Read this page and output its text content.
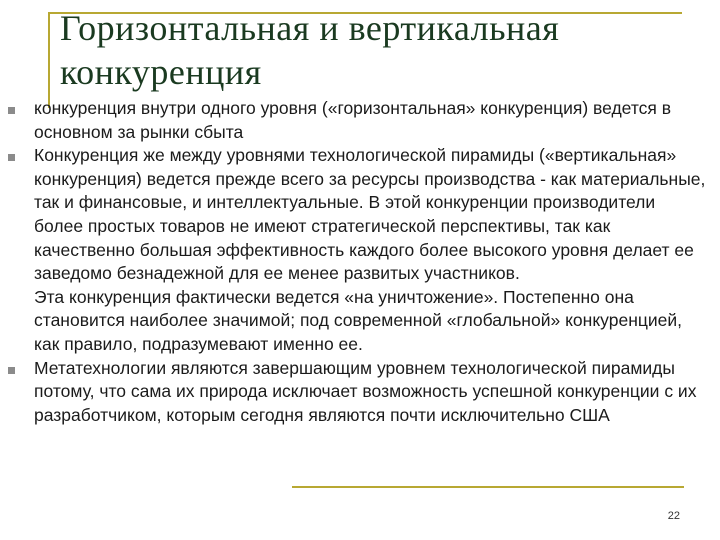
Горизонтальная и вертикальная конкуренция
конкуренция внутри одного уровня («горизонтальная» конкуренция) ведется в основном за рынки сбыта
Конкуренция же между уровнями технологической пирамиды («вертикальная» конкуренция) ведется прежде всего за ресурсы производства - как материальные, так и финансовые, и интеллектуальные. В этой конкуренции производители более простых товаров не имеют стратегической перспективы, так как качественно большая эффективность каждого более высокого уровня делает ее заведомо безнадежной для ее менее развитых участников.
Эта конкуренция фактически ведется «на уничтожение». Постепенно она становится наиболее значимой; под современной «глобальной» конкуренцией, как правило, подразумевают именно ее.
Метатехнологии являются завершающим уровнем технологической пирамиды потому, что сама их природа исключает возможность успешной конкуренции с их разработчиком, которым сегодня являются почти исключительно США
22
